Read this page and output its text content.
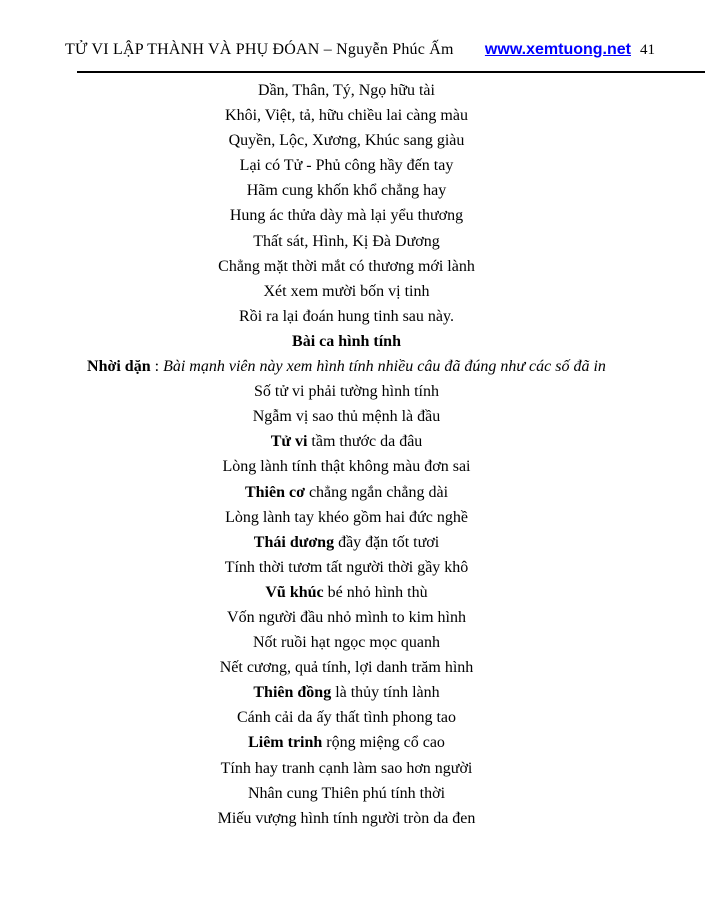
TỬ VI LẬP THÀNH VÀ PHỤ ĐÓAN – Nguyễn Phúc Ấm www.xemtuong.net 41
Dần, Thân, Tý, Ngọ hữu tài
Khôi, Việt, tả, hữu chiều lai càng màu
Quyền, Lộc, Xương, Khúc sang giàu
Lại có Tử - Phủ công hầy đến tay
Hãm cung khốn khổ chẳng hay
Hung ác thửa dày mà lại yểu thương
Thất sát, Hình, Kị Đà Dương
Chẳng mặt thời mắt có thương mới lành
Xét xem mười bốn vị tinh
Rồi ra lại đoán hung tinh sau này.
Bài ca hình tính
Nhời dặn : Bài mạnh viên này xem hình tính nhiều câu đã đúng như các số đã in
Số tử vi phải tường hình tính
Ngẫm vị sao thủ mệnh là đầu
Tử vi tầm thước da đâu
Lòng lành tính thật không màu đơn sai
Thiên cơ chẳng ngắn chẳng dài
Lòng lành tay khéo gồm hai đức nghề
Thái dương đầy đặn tốt tươi
Tính thời tươm tất người thời gầy khô
Vũ khúc bé nhỏ hình thù
Vốn người đầu nhỏ mình to kim hình
Nốt ruồi hạt ngọc mọc quanh
Nết cương, quả tính, lợi danh trăm hình
Thiên đồng là thủy tính lành
Cánh cải da ấy thất tình phong tao
Liêm trinh rộng miệng cổ cao
Tính hay tranh cạnh làm sao hơn người
Nhân cung Thiên phú tính thời
Miếu vượng hình tính người tròn da đen
